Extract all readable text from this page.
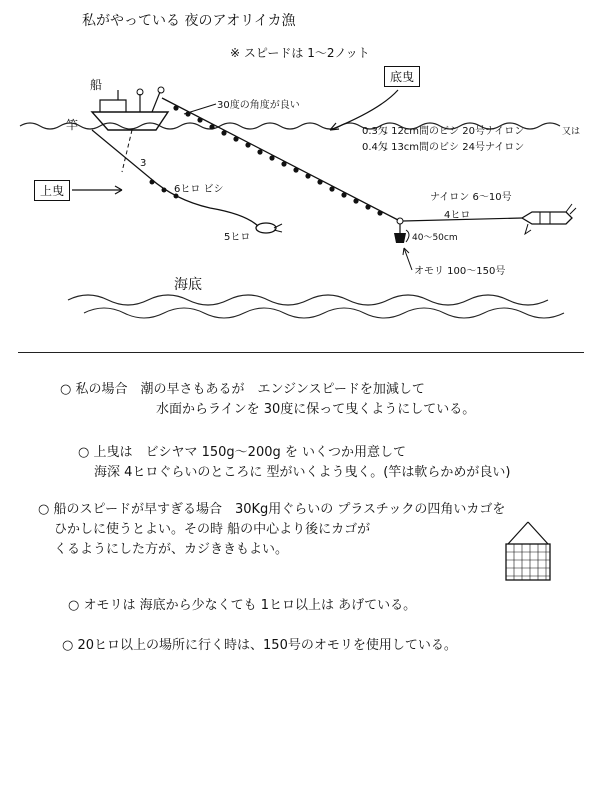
私がやっている 夜のアオリイカ漁
※ スピードは 1〜2ノット
船
30度の角度が良い
底曳
0.3匁 12cm間のビシ 20号ナイロン	又は
0.4匁 13cm間のビシ 24号ナイロン
竿
上曳
3
6ヒロ ビシ
5ヒロ
ナイロン 6〜10号
4ヒロ
40〜50cm
オモリ 100〜150号
海底
○ 私の場合　潮の早さもあるが　エンジンスピードを加減して
水面からラインを 30度に保って曳くようにしている。
○ 上曳は　ビシヤマ 150g〜200g を いくつか用意して
海深 4ヒロぐらいのところに 型がいくよう曳く。(竿は軟らかめが良い)
○ 船のスピードが早すぎる場合　30Kg用ぐらいの プラスチックの四角いカゴを
ひかしに使うとよい。その時 船の中心より後にカゴが
くるようにした方が、カジききもよい。
○ オモリは 海底から少なくても 1ヒロ以上は あげている。
○ 20ヒロ以上の場所に行く時は、150号のオモリを使用している。
